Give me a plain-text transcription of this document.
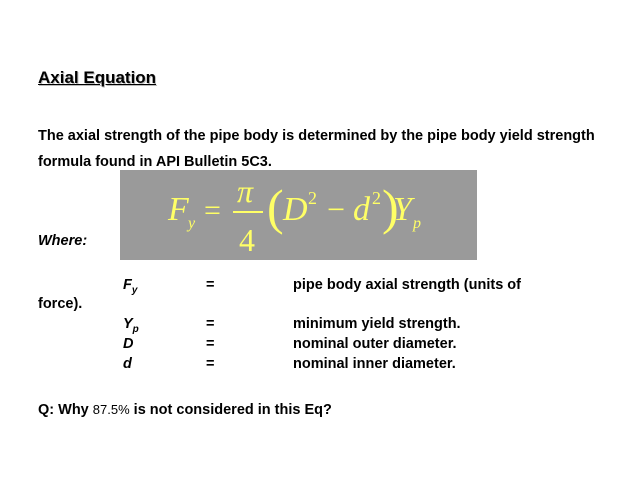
Axial Equation
The axial strength of the pipe body is determined by the pipe body yield strength formula found in API Bulletin 5C3.
F y =
π
4
( D 2 − d 2 )
Y p
Where:
$F_y$	=	pipe body axial strength (units of
force).
$Y_p$	=	minimum yield strength.
D	=	nominal outer diameter.
d	=	nominal inner diameter.
Q: Why 87.5% is not considered in this Eq?
